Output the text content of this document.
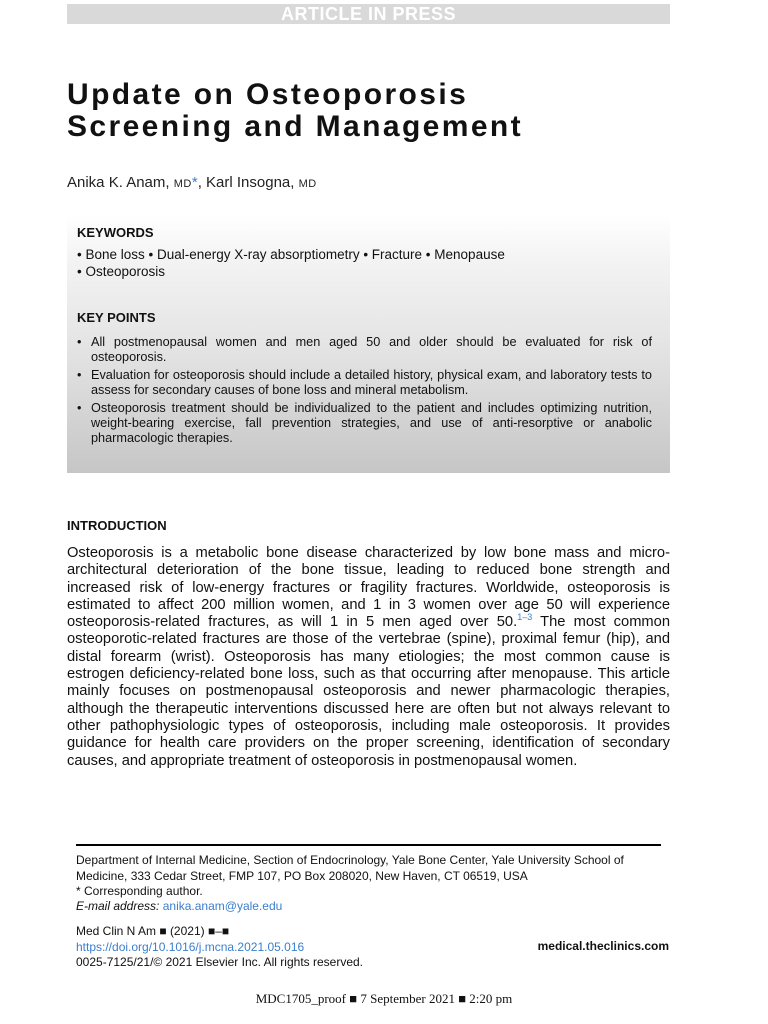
ARTICLE IN PRESS
Update on Osteoporosis
Screening and Management
Anika K. Anam, MD*, Karl Insogna, MD
KEYWORDS
• Bone loss • Dual-energy X-ray absorptiometry • Fracture • Menopause
• Osteoporosis
KEY POINTS
• All postmenopausal women and men aged 50 and older should be evaluated for risk of osteoporosis.
• Evaluation for osteoporosis should include a detailed history, physical exam, and laboratory tests to assess for secondary causes of bone loss and mineral metabolism.
• Osteoporosis treatment should be individualized to the patient and includes optimizing nutrition, weight-bearing exercise, fall prevention strategies, and use of anti-resorptive or anabolic pharmacologic therapies.
INTRODUCTION

Osteoporosis is a metabolic bone disease characterized by low bone mass and micro-architectural deterioration of the bone tissue, leading to reduced bone strength and increased risk of low-energy fractures or fragility fractures. Worldwide, osteoporosis is estimated to affect 200 million women, and 1 in 3 women over age 50 will experience osteoporosis-related fractures, as will 1 in 5 men aged over 50.$^{1-3}$ The most common osteoporotic-related fractures are those of the vertebrae (spine), proximal femur (hip), and distal forearm (wrist). Osteoporosis has many etiologies; the most common cause is estrogen deficiency-related bone loss, such as that occurring after menopause. This article mainly focuses on postmenopausal osteoporosis and newer pharmacologic therapies, although the therapeutic interventions discussed here are often but not always relevant to other pathophysiologic types of osteoporosis, including male osteoporosis. It provides guidance for health care providers on the proper screening, identification of secondary causes, and appropriate treatment of osteoporosis in postmenopausal women.

Department of Internal Medicine, Section of Endocrinology, Yale Bone Center, Yale University School of Medicine, 333 Cedar Street, FMP 107, PO Box 208020, New Haven, CT 06519, USA

* Corresponding author.

E-mail address: anika.anam@yale.edu

Med Clin N Am ■ (2021) ■–■
https://doi.org/10.1016/j.mcna.2021.05.016
0025-7125/21/© 2021 Elsevier Inc. All rights reserved.
medical.theclinics.com
MDC1705_proof ■ 7 September 2021 ■ 2:20 pm
